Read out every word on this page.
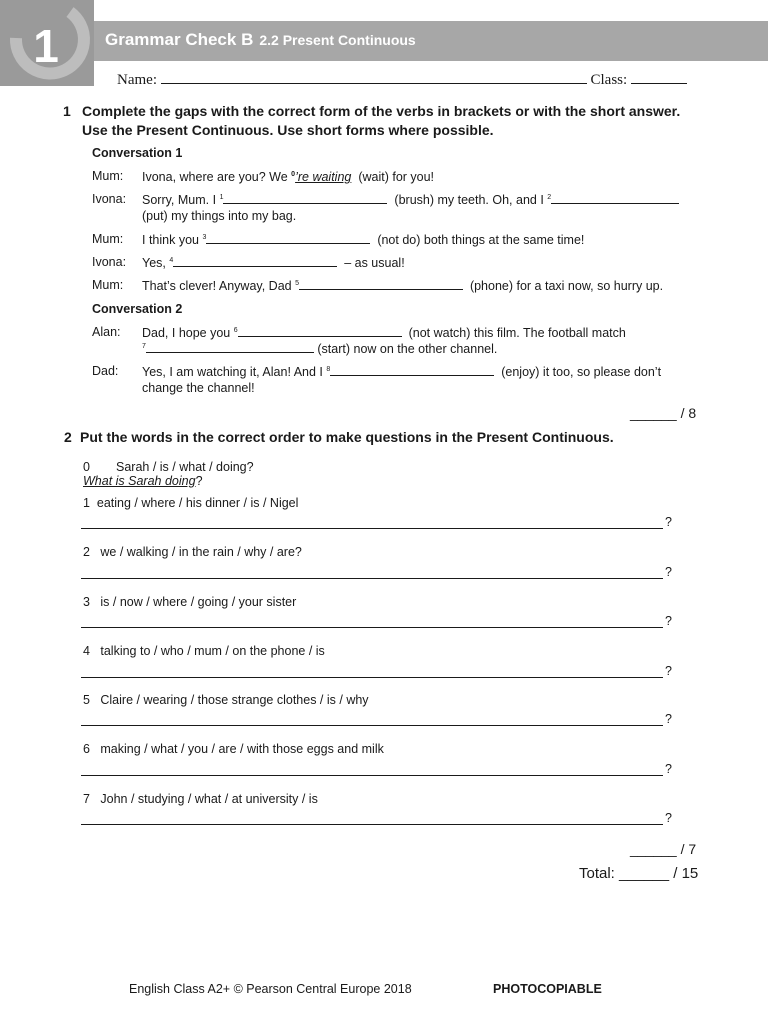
1	Grammar Check B 2.2 Present Continuous
Name:	Class:
1 Complete the gaps with the correct form of the verbs in brackets or with the short answer.
Use the Present Continuous. Use short forms where possible.
Conversation 1
Mum: Ivona, where are you? We $^0$’re waiting  (wait) for you!
Ivona: Sorry, Mum. I $^1$	(brush) my teeth. Oh, and I $^2$
(put) my things into my bag.
Mum: I think you $^3$	(not do) both things at the same time!
Ivona: Yes, $^4$	– as usual!
Mum: That’s clever! Anyway, Dad $^5$	(phone) for a taxi now, so hurry up.
Conversation 2
Alan: Dad, I hope you $^6$	(not watch) this film. The football match
$^7$	(start) now on the other channel.
Dad: Yes, I am watching it, Alan! And I $^8$	(enjoy) it too, so please don’t
change the channel!
______ / 8
2 Put the words in the correct order to make questions in the Present Continuous.
0 Sarah / is / what / doing?
What is Sarah doing?
1 eating / where / his dinner / is / Nigel
?
2 we / walking / in the rain / why / are?
?
3 is / now / where / going / your sister
?
4 talking to / who / mum / on the phone / is
?
5 Claire / wearing / those strange clothes / is / why
?
6 making / what / you / are / with those eggs and milk
?
7 John / studying / what / at university / is
?
______ / 7
Total: ______ / 15
English Class A2+ © Pearson Central Europe 2018	PHOTOCOPIABLE
